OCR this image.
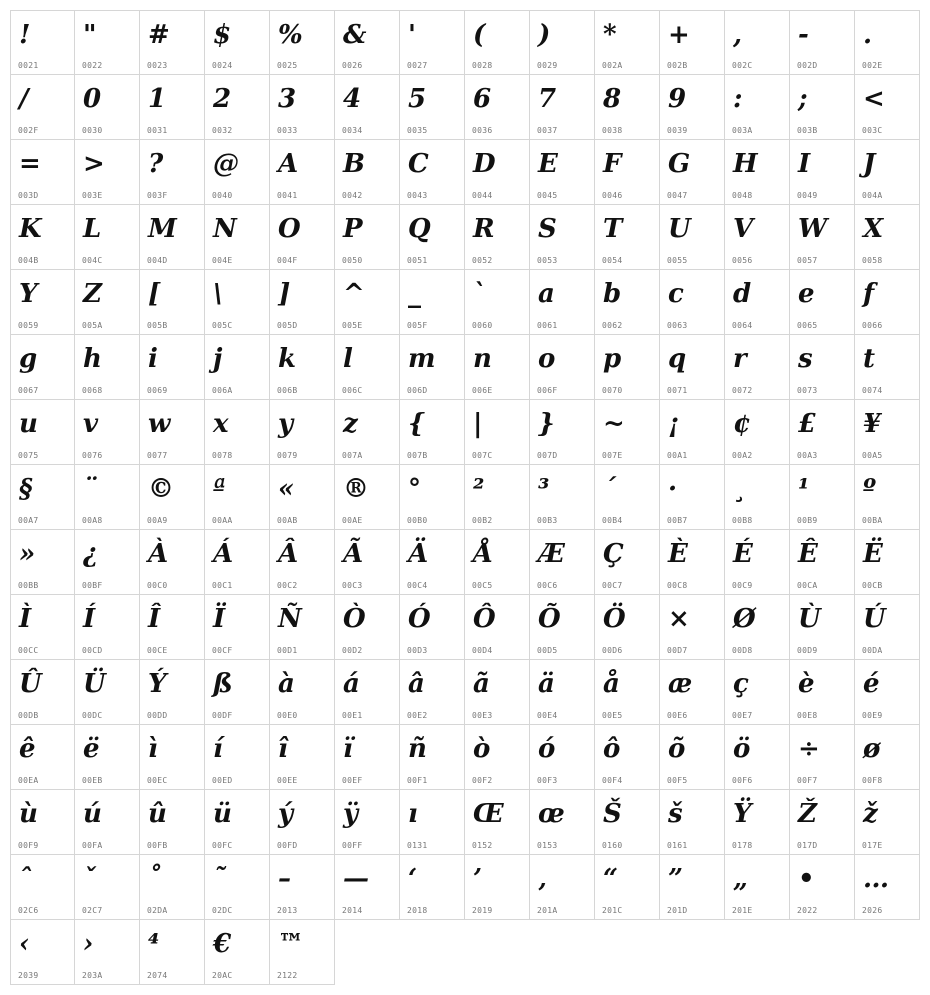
!
0021
"
0022
#
0023
$
0024
%
0025
&
0026
'
0027
(
0028
)
0029
*
002A
+
002B
,
002C
-
002D
.
002E
/
002F
0
0030
1
0031
2
0032
3
0033
4
0034
5
0035
6
0036
7
0037
8
0038
9
0039
:
003A
;
003B
<
003C
=
003D
>
003E
?
003F
@
0040
A
0041
B
0042
C
0043
D
0044
E
0045
F
0046
G
0047
H
0048
I
0049
J
004A
K
004B
L
004C
M
004D
N
004E
O
004F
P
0050
Q
0051
R
0052
S
0053
T
0054
U
0055
V
0056
W
0057
X
0058
Y
0059
Z
005A
[
005B
\
005C
]
005D
^
005E
_
005F
`
0060
a
0061
b
0062
c
0063
d
0064
e
0065
f
0066
g
0067
h
0068
i
0069
j
006A
k
006B
l
006C
m
006D
n
006E
o
006F
p
0070
q
0071
r
0072
s
0073
t
0074
u
0075
v
0076
w
0077
x
0078
y
0079
z
007A
{
007B
|
007C
}
007D
~
007E
¡
00A1
¢
00A2
£
00A3
¥
00A5
§
00A7
¨
00A8
©
00A9
ª
00AA
«
00AB
®
00AE
°
00B0
²
00B2
³
00B3
´
00B4
·
00B7
¸
00B8
¹
00B9
º
00BA
»
00BB
¿
00BF
À
00C0
Á
00C1
Â
00C2
Ã
00C3
Ä
00C4
Å
00C5
Æ
00C6
Ç
00C7
È
00C8
É
00C9
Ê
00CA
Ë
00CB
Ì
00CC
Í
00CD
Î
00CE
Ï
00CF
Ñ
00D1
Ò
00D2
Ó
00D3
Ô
00D4
Õ
00D5
Ö
00D6
×
00D7
Ø
00D8
Ù
00D9
Ú
00DA
Û
00DB
Ü
00DC
Ý
00DD
ß
00DF
à
00E0
á
00E1
â
00E2
ã
00E3
ä
00E4
å
00E5
æ
00E6
ç
00E7
è
00E8
é
00E9
ê
00EA
ë
00EB
ì
00EC
í
00ED
î
00EE
ï
00EF
ñ
00F1
ò
00F2
ó
00F3
ô
00F4
õ
00F5
ö
00F6
÷
00F7
ø
00F8
ù
00F9
ú
00FA
û
00FB
ü
00FC
ý
00FD
ÿ
00FF
ı
0131
Œ
0152
œ
0153
Š
0160
š
0161
Ÿ
0178
Ž
017D
ž
017E
ˆ
02C6
ˇ
02C7
˚
02DA
˜
02DC
–
2013
—
2014
‘
2018
’
2019
‚
201A
“
201C
”
201D
„
201E
•
2022
…
2026
‹
2039
›
203A
⁴
2074
€
20AC
™
2122
